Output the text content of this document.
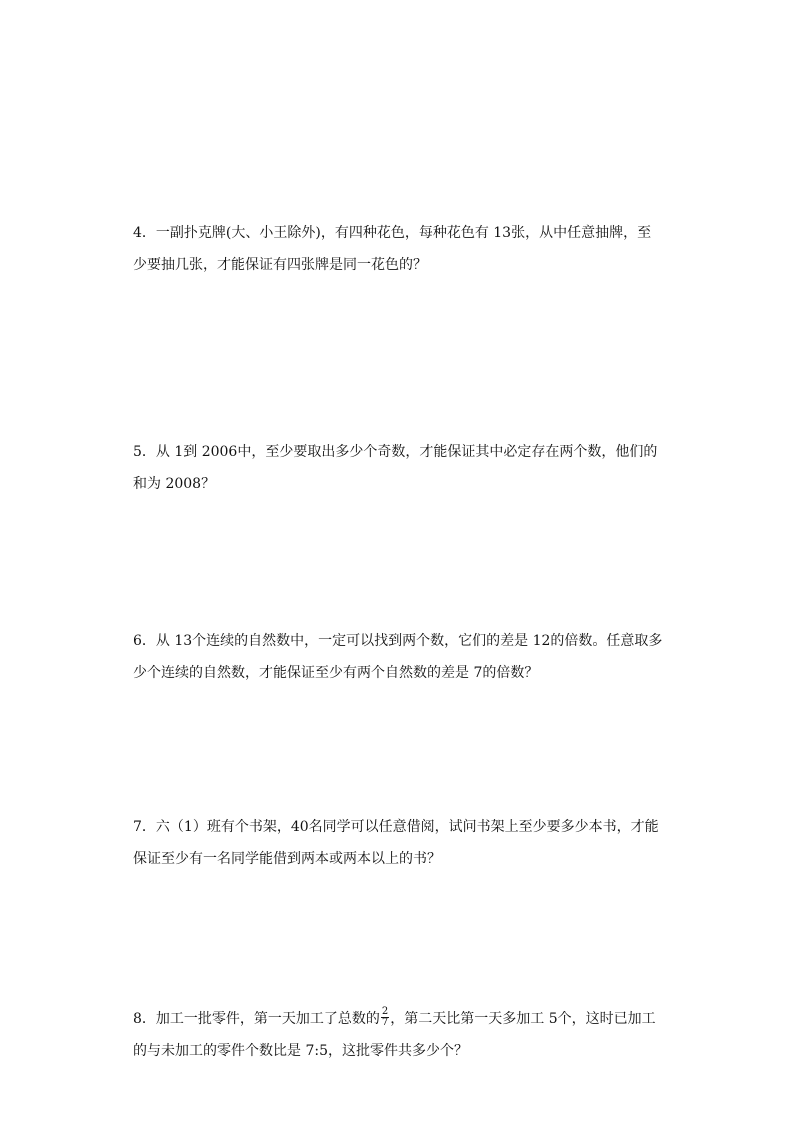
4．一副扑克牌(大、小王除外)，有四种花色，每种花色有 13张，从中任意抽牌，至少要抽几张，才能保证有四张牌是同一花色的？

5．从 1到 2006中，至少要取出多少个奇数，才能保证其中必定存在两个数，他们的和为 2008？

6．从 13个连续的自然数中，一定可以找到两个数，它们的差是 12的倍数。任意取多少个连续的自然数，才能保证至少有两个自然数的差是 7的倍数？

7．六（1）班有个书架，40名同学可以任意借阅，试问书架上至少要多少本书，才能保证至少有一名同学能借到两本或两本以上的书？

8．加工一批零件，第一天加工了总数的 $\frac{2}{7}$ ，第二天比第一天多加工 5个，这时已加工的与未加工的零件个数比是 7:5，这批零件共多少个？
